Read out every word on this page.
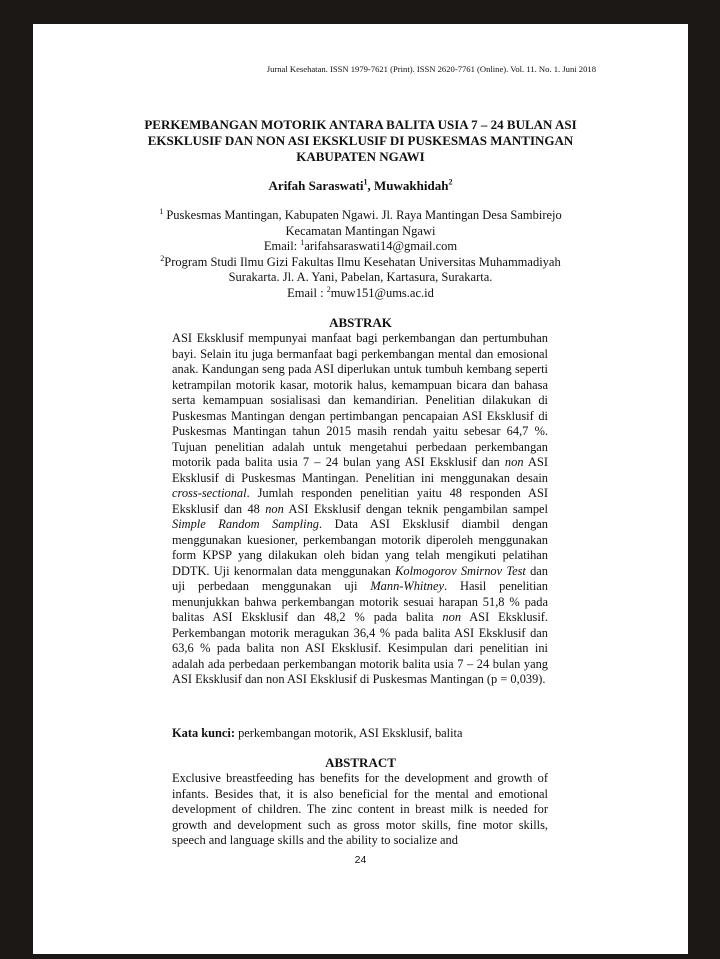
Jurnal Kesehatan. ISSN 1979-7621 (Print). ISSN 2620-7761 (Online). Vol. 11. No. 1. Juni 2018
PERKEMBANGAN MOTORIK ANTARA BALITA USIA 7 – 24 BULAN ASI
EKSKLUSIF DAN NON ASI EKSKLUSIF DI PUSKESMAS MANTINGAN
KABUPATEN NGAWI
Arifah Saraswati$^1$, Muwakhidah$^2$
$^1$ Puskesmas Mantingan, Kabupaten Ngawi. Jl. Raya Mantingan Desa Sambirejo
Kecamatan Mantingan Ngawi
Email: $^1$arifahsaraswati14@gmail.com
$^2$Program Studi Ilmu Gizi Fakultas Ilmu Kesehatan Universitas Muhammadiyah
Surakarta. Jl. A. Yani, Pabelan, Kartasura, Surakarta.
Email : $^2$muw151@ums.ac.id
ABSTRAK
ASI Eksklusif mempunyai manfaat bagi perkembangan dan pertumbuhan bayi. Selain itu juga bermanfaat bagi perkembangan mental dan emosional anak. Kandungan seng pada ASI diperlukan untuk tumbuh kembang seperti ketrampilan motorik kasar, motorik halus, kemampuan bicara dan bahasa serta kemampuan sosialisasi dan kemandirian. Penelitian dilakukan di Puskesmas Mantingan dengan pertimbangan pencapaian ASI Eksklusif di Puskesmas Mantingan tahun 2015 masih rendah yaitu sebesar 64,7 %. Tujuan penelitian adalah untuk mengetahui perbedaan perkembangan motorik pada balita usia 7 – 24 bulan yang ASI Eksklusif dan non ASI Eksklusif di Puskesmas Mantingan. Penelitian ini menggunakan desain cross-sectional. Jumlah responden penelitian yaitu 48 responden ASI Eksklusif dan 48 non ASI Eksklusif dengan teknik pengambilan sampel Simple Random Sampling. Data ASI Eksklusif diambil dengan menggunakan kuesioner, perkembangan motorik diperoleh menggunakan form KPSP yang dilakukan oleh bidan yang telah mengikuti pelatihan DDTK. Uji kenormalan data menggunakan Kolmogorov Smirnov Test dan uji perbedaan menggunakan uji Mann-Whitney. Hasil penelitian menunjukkan bahwa perkembangan motorik sesuai harapan 51,8 % pada balitas ASI Eksklusif dan 48,2 % pada balita non ASI Eksklusif. Perkembangan motorik meragukan 36,4 % pada balita ASI Eksklusif dan 63,6 % pada balita non ASI Eksklusif. Kesimpulan dari penelitian ini adalah ada perbedaan perkembangan motorik balita usia 7 – 24 bulan yang ASI Eksklusif dan non ASI Eksklusif di Puskesmas Mantingan (p = 0,039).
Kata kunci: perkembangan motorik, ASI Eksklusif, balita
ABSTRACT
Exclusive breastfeeding has benefits for the development and growth of infants. Besides that, it is also beneficial for the mental and emotional development of children. The zinc content in breast milk is needed for growth and development such as gross motor skills, fine motor skills, speech and language skills and the ability to socialize and
24
